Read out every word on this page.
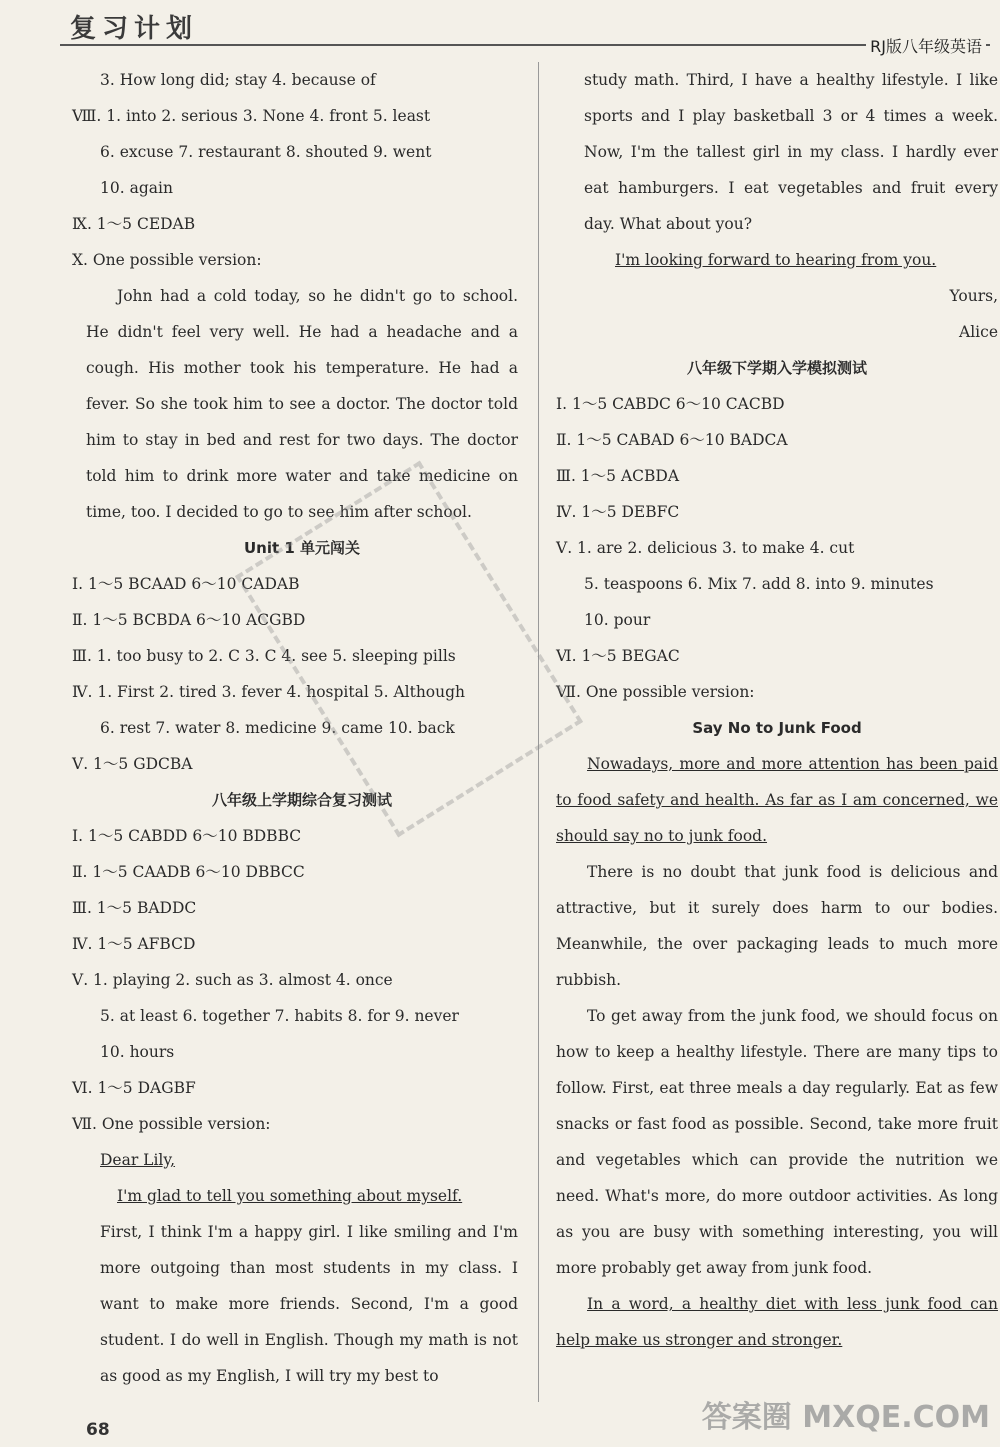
复习计划
RJ版八年级英语
3. How long did; stay 4. because of
Ⅷ. 1. into 2. serious 3. None 4. front 5. least
6. excuse 7. restaurant 8. shouted 9. went
10. again
Ⅸ. 1～5 CEDAB
Ⅹ. One possible version:

John had a cold today, so he didn't go to school. He didn't feel very well. He had a headache and a cough. His mother took his temperature. He had a fever. So she took him to see a doctor. The doctor told him to stay in bed and rest for two days. The doctor told him to drink more water and take medicine on time, too. I decided to go to see him after school.

Unit 1 单元闯关
Ⅰ. 1～5 BCAAD 6～10 CADAB
Ⅱ. 1～5 BCBDA 6～10 ACGBD
Ⅲ. 1. too busy to 2. C 3. C 4. see 5. sleeping pills
Ⅳ. 1. First 2. tired 3. fever 4. hospital 5. Although
6. rest 7. water 8. medicine 9. came 10. back
Ⅴ. 1～5 GDCBA
八年级上学期综合复习测试
Ⅰ. 1～5 CABDD 6～10 BDBBC
Ⅱ. 1～5 CAADB 6～10 DBBCC
Ⅲ. 1～5 BADDC
Ⅳ. 1～5 AFBCD
Ⅴ. 1. playing 2. such as 3. almost 4. once
5. at least 6. together 7. habits 8. for 9. never
10. hours
Ⅵ. 1～5 DAGBF
Ⅶ. One possible version:
Dear Lily,

I'm glad to tell you something about myself.

First, I think I'm a happy girl. I like smiling and I'm more outgoing than most students in my class. I want to make more friends. Second, I'm a good student. I do well in English. Though my math is not as good as my English, I will try my best to

study math. Third, I have a healthy lifestyle. I like sports and I play basketball 3 or 4 times a week. Now, I'm the tallest girl in my class. I hardly ever eat hamburgers. I eat vegetables and fruit every day. What about you?

I'm looking forward to hearing from you.

Yours,
Alice
八年级下学期入学模拟测试
Ⅰ. 1～5 CABDC 6～10 CACBD
Ⅱ. 1～5 CABAD 6～10 BADCA
Ⅲ. 1～5 ACBDA
Ⅳ. 1～5 DEBFC
Ⅴ. 1. are 2. delicious 3. to make 4. cut
5. teaspoons 6. Mix 7. add 8. into 9. minutes
10. pour
Ⅵ. 1～5 BEGAC
Ⅶ. One possible version:
Say No to Junk Food

Nowadays, more and more attention has been paid to food safety and health. As far as I am concerned, we should say no to junk food.

There is no doubt that junk food is delicious and attractive, but it surely does harm to our bodies. Meanwhile, the over packaging leads to much more rubbish.

To get away from the junk food, we should focus on how to keep a healthy lifestyle. There are many tips to follow. First, eat three meals a day regularly. Eat as few snacks or fast food as possible. Second, take more fruit and vegetables which can provide the nutrition we need. What's more, do more outdoor activities. As long as you are busy with something interesting, you will more probably get away from junk food.

In a word, a healthy diet with less junk food can help make us stronger and stronger.

68	答案圈 MXQE.COM
